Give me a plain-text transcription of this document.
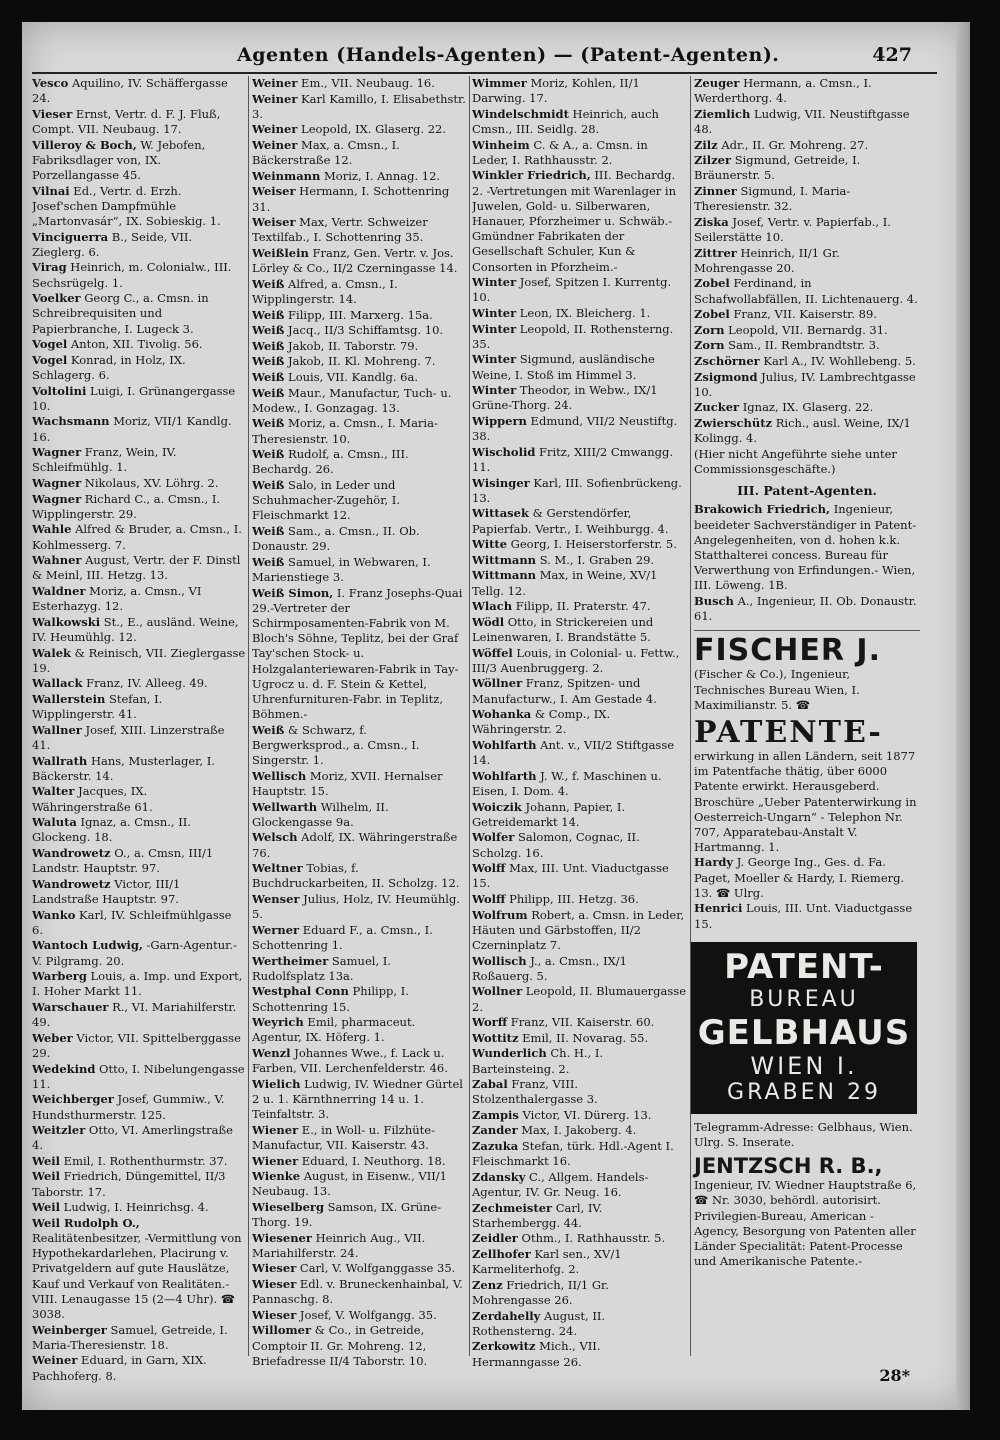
Agenten (Handels-Agenten) — (Patent-Agenten).	427
Vesco Aquilino, IV. Schäffergasse 24.
Vieser Ernst, Vertr. d. F. J. Fluß, Compt. VII. Neubaug. 17.
Villeroy & Boch, W. Jebofen, Fabriksdlager von, IX. Porzellangasse 45.
Vilnai Ed., Vertr. d. Erzh. Josef'schen Dampfmühle „Martonvasár“, IX. Sobieskig. 1.
Vinciguerra B., Seide, VII. Zieglerg. 6.
Virag Heinrich, m. Colonialw., III. Sechsrügelg. 1.
Voelker Georg C., a. Cmsn. in Schreibrequisiten und Papierbranche, I. Lugeck 3.
Vogel Anton, XII. Tivolig. 56.
Vogel Konrad, in Holz, IX. Schlagerg. 6.
Voltolini Luigi, I. Grünangergasse 10.
Wachsmann Moriz, VII/1 Kandlg. 16.
Wagner Franz, Wein, IV. Schleifmühlg. 1.
Wagner Nikolaus, XV. Löhrg. 2.
Wagner Richard C., a. Cmsn., I. Wipplingerstr. 29.
Wahle Alfred & Bruder, a. Cmsn., I. Kohlmesserg. 7.
Wahner August, Vertr. der F. Dinstl & Meinl, III. Hetzg. 13.
Waldner Moriz, a. Cmsn., VI Esterhazyg. 12.
Walkowski St., E., ausländ. Weine, IV. Heumühlg. 12.
Walek & Reinisch, VII. Zieglergasse 19.
Wallack Franz, IV. Alleeg. 49.
Wallerstein Stefan, I. Wipplingerstr. 41.
Wallner Josef, XIII. Linzerstraße 41.
Wallrath Hans, Musterlager, I. Bäckerstr. 14.
Walter Jacques, IX. Währingerstraße 61.
Waluta Ignaz, a. Cmsn., II. Glockeng. 18.
Wandrowetz O., a. Cmsn, III/1 Landstr. Hauptstr. 97.
Wandrowetz Victor, III/1 Landstraße Hauptstr. 97.
Wanko Karl, IV. Schleifmühlgasse 6.
Wantoch Ludwig, -Garn-Agentur.- V. Pilgramg. 20.
Warberg Louis, a. Imp. und Export, I. Hoher Markt 11.
Warschauer R., VI. Mariahilferstr. 49.
Weber Victor, VII. Spittelberggasse 29.
Wedekind Otto, I. Nibelungengasse 11.
Weichberger Josef, Gummiw., V. Hundsthurmerstr. 125.
Weitzler Otto, VI. Amerlingstraße 4.
Weil Emil, I. Rothenthurmstr. 37.
Weil Friedrich, Düngemittel, II/3 Taborstr. 17.
Weil Ludwig, I. Heinrichsg. 4.
Weil Rudolph O., Realitätenbesitzer, -Vermittlung von Hypothekardarlehen, Placirung v. Privatgeldern auf gute Hauslätze, Kauf und Verkauf von Realitäten.- VIII. Lenaugasse 15 (2—4 Uhr). ☎ 3038.
Weinberger Samuel, Getreide, I. Maria-Theresienstr. 18.
Weiner Eduard, in Garn, XIX. Pachhoferg. 8.
Weiner Em., VII. Neubaug. 16.
Weiner Karl Kamillo, I. Elisabethstr. 3.
Weiner Leopold, IX. Glaserg. 22.
Weiner Max, a. Cmsn., I. Bäckerstraße 12.
Weinmann Moriz, I. Annag. 12.
Weiser Hermann, I. Schottenring 31.
Weiser Max, Vertr. Schweizer Textilfab., I. Schottenring 35.
Weißlein Franz, Gen. Vertr. v. Jos. Lörley & Co., II/2 Czerningasse 14.
Weiß Alfred, a. Cmsn., I. Wipplingerstr. 14.
Weiß Filipp, III. Marxerg. 15a.
Weiß Jacq., II/3 Schiffamtsg. 10.
Weiß Jakob, II. Taborstr. 79.
Weiß Jakob, II. Kl. Mohreng. 7.
Weiß Louis, VII. Kandlg. 6a.
Weiß Maur., Manufactur, Tuch- u. Modew., I. Gonzagag. 13.
Weiß Moriz, a. Cmsn., I. Maria-Theresienstr. 10.
Weiß Rudolf, a. Cmsn., III. Bechardg. 26.
Weiß Salo, in Leder und Schuhmacher-Zugehör, I. Fleischmarkt 12.
Weiß Sam., a. Cmsn., II. Ob. Donaustr. 29.
Weiß Samuel, in Webwaren, I. Marienstiege 3.
Weiß Simon, I. Franz Josephs-Quai 29.-Vertreter der Schirmposamenten-Fabrik von M. Bloch's Söhne, Teplitz, bei der Graf Tay'schen Stock- u. Holzgalanteriewaren-Fabrik in Tay-Ugrocz u. d. F. Stein & Kettel, Uhrenfurnituren-Fabr. in Teplitz, Böhmen.-
Weiß & Schwarz, f. Bergwerksprod., a. Cmsn., I. Singerstr. 1.
Wellisch Moriz, XVII. Hernalser Hauptstr. 15.
Wellwarth Wilhelm, II. Glockengasse 9a.
Welsch Adolf, IX. Währingerstraße 76.
Weltner Tobias, f. Buchdruckarbeiten, II. Scholzg. 12.
Wenser Julius, Holz, IV. Heumühlg. 5.
Werner Eduard F., a. Cmsn., I. Schottenring 1.
Wertheimer Samuel, I. Rudolfsplatz 13a.
Westphal Conn Philipp, I. Schottenring 15.
Weyrich Emil, pharmaceut. Agentur, IX. Höferg. 1.
Wenzl Johannes Wwe., f. Lack u. Farben, VII. Lerchenfelderstr. 46.
Wielich Ludwig, IV. Wiedner Gürtel 2 u. 1. Kärnthnerring 14 u. 1. Teinfaltstr. 3.
Wiener E., in Woll- u. Filzhüte-Manufactur, VII. Kaiserstr. 43.
Wiener Eduard, I. Neuthorg. 18.
Wienke August, in Eisenw., VII/1 Neubaug. 13.
Wieselberg Samson, IX. Grüne-Thorg. 19.
Wiesener Heinrich Aug., VII. Mariahilferstr. 24.
Wieser Carl, V. Wolfganggasse 35.
Wieser Edl. v. Bruneckenhainbal, V. Pannaschg. 8.
Wieser Josef, V. Wolfgangg. 35.
Willomer & Co., in Getreide, Comptoir II. Gr. Mohreng. 12, Briefadresse II/4 Taborstr. 10.
Wimmer Moriz, Kohlen, II/1 Darwing. 17.
Windelschmidt Heinrich, auch Cmsn., III. Seidlg. 28.
Winheim C. & A., a. Cmsn. in Leder, I. Rathhausstr. 2.
Winkler Friedrich, III. Bechardg. 2. -Vertretungen mit Warenlager in Juwelen, Gold- u. Silberwaren, Hanauer, Pforzheimer u. Schwäb.-Gmündner Fabrikaten der Gesellschaft Schuler, Kun & Consorten in Pforzheim.-
Winter Josef, Spitzen I. Kurrentg. 10.
Winter Leon, IX. Bleicherg. 1.
Winter Leopold, II. Rothensterng. 35.
Winter Sigmund, ausländische Weine, I. Stoß im Himmel 3.
Winter Theodor, in Webw., IX/1 Grüne-Thorg. 24.
Wippern Edmund, VII/2 Neustiftg. 38.
Wischolid Fritz, XIII/2 Cmwangg. 11.
Wisinger Karl, III. Sofienbrückeng. 13.
Wittasek & Gerstendörfer, Papierfab. Vertr., I. Weihburgg. 4.
Witte Georg, I. Heiserstorferstr. 5.
Wittmann S. M., I. Graben 29.
Wittmann Max, in Weine, XV/1 Tellg. 12.
Wlach Filipp, II. Praterstr. 47.
Wödl Otto, in Strickereien und Leinenwaren, I. Brandstätte 5.
Wöffel Louis, in Colonial- u. Fettw., III/3 Auenbruggerg. 2.
Wöllner Franz, Spitzen- und Manufacturw., I. Am Gestade 4.
Wohanka & Comp., IX. Währingerstr. 2.
Wohlfarth Ant. v., VII/2 Stiftgasse 14.
Wohlfarth J. W., f. Maschinen u. Eisen, I. Dom. 4.
Woiczik Johann, Papier, I. Getreidemarkt 14.
Wolfer Salomon, Cognac, II. Scholzg. 16.
Wolff Max, III. Unt. Viaductgasse 15.
Wolff Philipp, III. Hetzg. 36.
Wolfrum Robert, a. Cmsn. in Leder, Häuten und Gärbstoffen, II/2 Czerninplatz 7.
Wollisch J., a. Cmsn., IX/1 Roßauerg. 5.
Wollner Leopold, II. Blumauergasse 2.
Worff Franz, VII. Kaiserstr. 60.
Wottitz Emil, II. Novarag. 55.
Wunderlich Ch. H., I. Barteinsteing. 2.
Zabal Franz, VIII. Stolzenthalergasse 3.
Zampis Victor, VI. Dürerg. 13.
Zander Max, I. Jakoberg. 4.
Zazuka Stefan, türk. Hdl.-Agent I. Fleischmarkt 16.
Zdansky C., Allgem. Handels-Agentur, IV. Gr. Neug. 16.
Zechmeister Carl, IV. Starhembergg. 44.
Zeidler Othm., I. Rathhausstr. 5.
Zellhofer Karl sen., XV/1 Karmeliterhofg. 2.
Zenz Friedrich, II/1 Gr. Mohrengasse 26.
Zerdahelly August, II. Rothensterng. 24.
Zerkowitz Mich., VII. Hermanngasse 26.
Zeuger Hermann, a. Cmsn., I. Werderthorg. 4.
Ziemlich Ludwig, VII. Neustiftgasse 48.
Zilz Adr., II. Gr. Mohreng. 27.
Zilzer Sigmund, Getreide, I. Bräunerstr. 5.
Zinner Sigmund, I. Maria-Theresienstr. 32.
Ziska Josef, Vertr. v. Papierfab., I. Seilerstätte 10.
Zittrer Heinrich, II/1 Gr. Mohrengasse 20.
Zobel Ferdinand, in Schafwollabfällen, II. Lichtenauerg. 4.
Zobel Franz, VII. Kaiserstr. 89.
Zorn Leopold, VII. Bernardg. 31.
Zorn Sam., II. Rembrandtstr. 3.
Zschörner Karl A., IV. Wohllebeng. 5.
Zsigmond Julius, IV. Lambrechtgasse 10.
Zucker Ignaz, IX. Glaserg. 22.
Zwierschütz Rich., ausl. Weine, IX/1 Kolingg. 4.
(Hier nicht Angeführte siehe unter Commissionsgeschäfte.)
III. Patent-Agenten.
Brakowich Friedrich, Ingenieur, beeideter Sachverständiger in Patent-Angelegenheiten, von d. hohen k.k. Statthalterei concess. Bureau für Verwerthung von Erfindungen.- Wien, III. Löweng. 1B.
Busch A., Ingenieur, II. Ob. Donaustr. 61.
FISCHER J.
(Fischer & Co.), Ingenieur, Technisches Bureau Wien, I. Maximilianstr. 5. ☎
PATENTE-
erwirkung in allen Ländern, seit 1877 im Patentfache thätig, über 6000 Patente erwirkt. Herausgeberd. Broschüre „Ueber Patenterwirkung in Oesterreich-Ungarn“ - Telephon Nr. 707, Apparatebau-Anstalt V. Hartmanng. 1.
Hardy J. George Ing., Ges. d. Fa. Paget, Moeller & Hardy, I. Riemerg. 13. ☎ Ulrg.
Henrici Louis, III. Unt. Viaductgasse 15.
PATENT-
BUREAU
GELBHAUS
WIEN I.
GRABEN 29
Telegramm-Adresse: Gelbhaus, Wien. Ulrg. S. Inserate.
JENTZSCH R. B.,
Ingenieur, IV. Wiedner Hauptstraße 6, ☎ Nr. 3030, behördl. autorisirt. Privilegien-Bureau, American - Agency, Besorgung von Patenten aller Länder Specialität: Patent-Processe und Amerikanische Patente.-
28*
